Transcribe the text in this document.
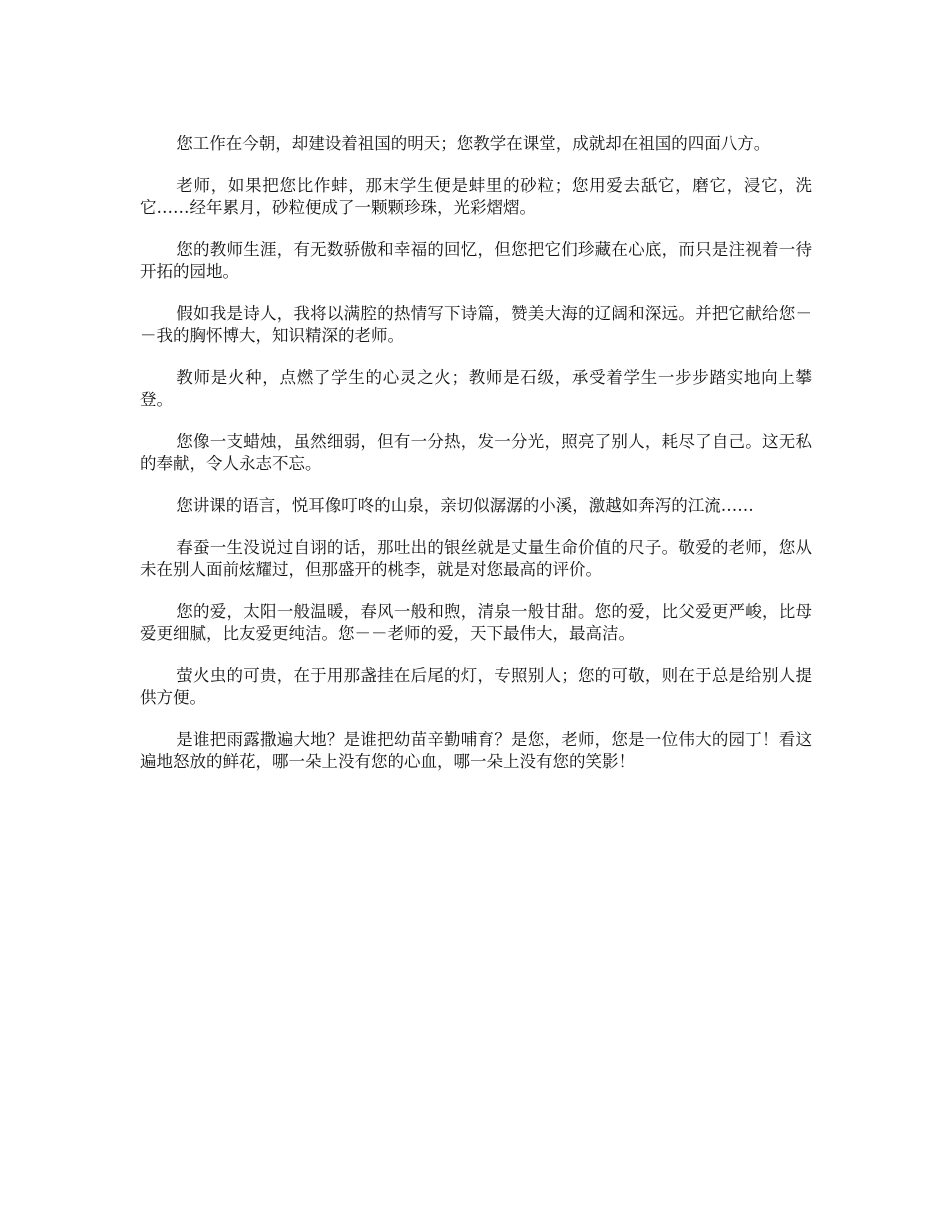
您工作在今朝，却建设着祖国的明天；您教学在课堂，成就却在祖国的四面八方。

老师，如果把您比作蚌，那末学生便是蚌里的砂粒；您用爱去舐它，磨它，浸它，洗它……经年累月，砂粒便成了一颗颗珍珠，光彩熠熠。

您的教师生涯，有无数骄傲和幸福的回忆，但您把它们珍藏在心底，而只是注视着一待开拓的园地。

假如我是诗人，我将以满腔的热情写下诗篇，赞美大海的辽阔和深远。并把它献给您－－我的胸怀博大，知识精深的老师。

教师是火种，点燃了学生的心灵之火；教师是石级，承受着学生一步步踏实地向上攀登。

您像一支蜡烛，虽然细弱，但有一分热，发一分光，照亮了别人，耗尽了自己。这无私的奉献，令人永志不忘。

您讲课的语言，悦耳像叮咚的山泉，亲切似潺潺的小溪，激越如奔泻的江流……

春蚕一生没说过自诩的话，那吐出的银丝就是丈量生命价值的尺子。敬爱的老师，您从未在别人面前炫耀过，但那盛开的桃李，就是对您最高的评价。

您的爱，太阳一般温暖，春风一般和煦，清泉一般甘甜。您的爱，比父爱更严峻，比母爱更细腻，比友爱更纯洁。您－－老师的爱，天下最伟大，最高洁。

萤火虫的可贵，在于用那盏挂在后尾的灯，专照别人；您的可敬，则在于总是给别人提供方便。

是谁把雨露撒遍大地？是谁把幼苗辛勤哺育？是您，老师，您是一位伟大的园丁！看这遍地怒放的鲜花，哪一朵上没有您的心血，哪一朵上没有您的笑影！
